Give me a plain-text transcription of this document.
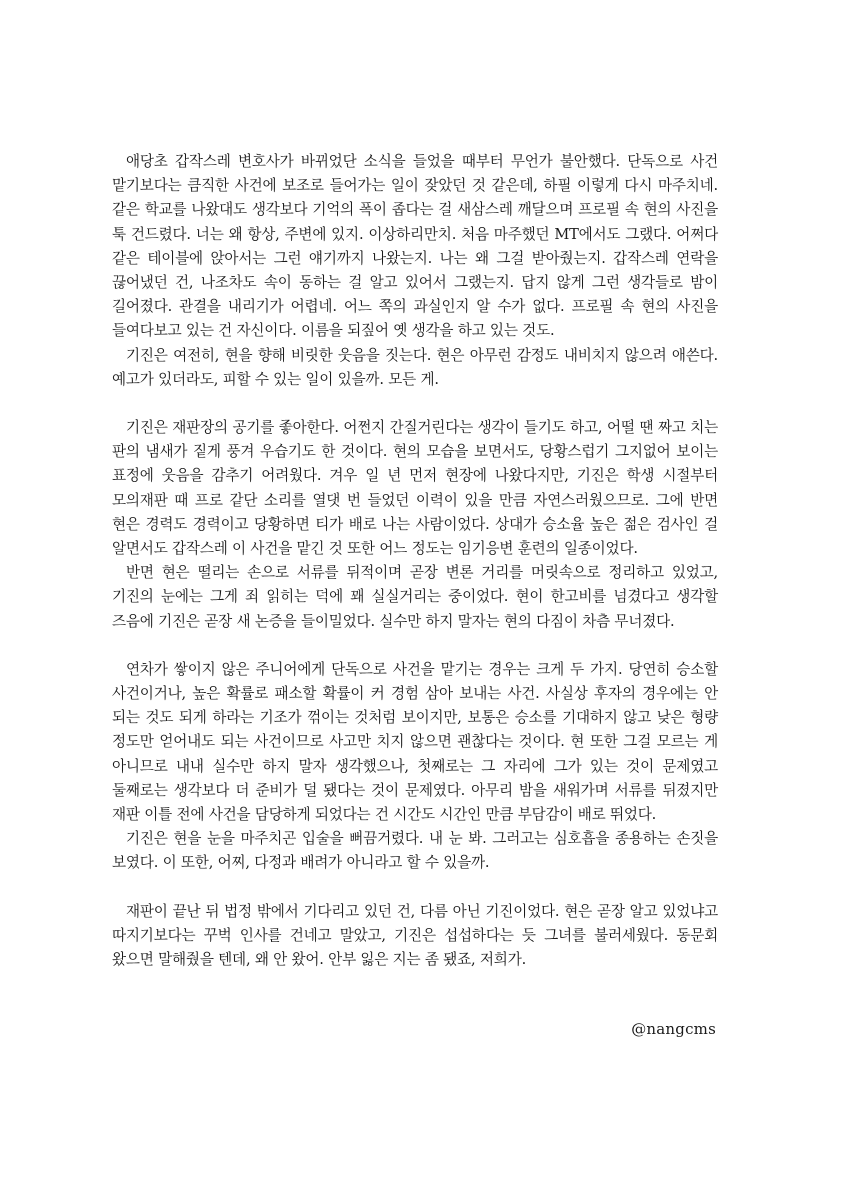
애당초 갑작스레 변호사가 바뀌었단 소식을 들었을 때부터 무언가 불안했다. 단독으로 사건 맡기보다는 큼직한 사건에 보조로 들어가는 일이 잦았던 것 같은데, 하필 이렇게 다시 마주치네. 같은 학교를 나왔대도 생각보다 기억의 폭이 좁다는 걸 새삼스레 깨달으며 프로필 속 현의 사진을 툭 건드렸다. 너는 왜 항상, 주변에 있지. 이상하리만치. 처음 마주했던 MT에서도 그랬다. 어쩌다 같은 테이블에 앉아서는 그런 얘기까지 나왔는지. 나는 왜 그걸 받아줬는지. 갑작스레 연락을 끊어냈던 건, 나조차도 속이 동하는 걸 알고 있어서 그랬는지. 답지 않게 그런 생각들로 밤이 길어졌다. 관결을 내리기가 어렵네. 어느 쪽의 과실인지 알 수가 없다. 프로필 속 현의 사진을 들여다보고 있는 건 자신이다. 이름을 되짚어 옛 생각을 하고 있는 것도.

기진은 여전히, 현을 향해 비릿한 웃음을 짓는다. 현은 아무런 감정도 내비치지 않으려 애쓴다. 예고가 있더라도, 피할 수 있는 일이 있을까. 모든 게.

기진은 재판장의 공기를 좋아한다. 어쩐지 간질거린다는 생각이 들기도 하고, 어떨 땐 짜고 치는 판의 냄새가 짙게 풍겨 우습기도 한 것이다. 현의 모습을 보면서도, 당황스럽기 그지없어 보이는 표정에 웃음을 감추기 어려웠다. 겨우 일 년 먼저 현장에 나왔다지만, 기진은 학생 시절부터 모의재판 때 프로 같단 소리를 열댓 번 들었던 이력이 있을 만큼 자연스러웠으므로. 그에 반면 현은 경력도 경력이고 당황하면 티가 배로 나는 사람이었다. 상대가 승소율 높은 젊은 검사인 걸 알면서도 갑작스레 이 사건을 맡긴 것 또한 어느 정도는 임기응변 훈련의 일종이었다.

반면 현은 떨리는 손으로 서류를 뒤적이며 곧장 변론 거리를 머릿속으로 정리하고 있었고, 기진의 눈에는 그게 죄 읽히는 덕에 꽤 실실거리는 중이었다. 현이 한고비를 넘겼다고 생각할 즈음에 기진은 곧장 새 논증을 들이밀었다. 실수만 하지 말자는 현의 다짐이 차츰 무너졌다.

연차가 쌓이지 않은 주니어에게 단독으로 사건을 맡기는 경우는 크게 두 가지. 당연히 승소할 사건이거나, 높은 확률로 패소할 확률이 커 경험 삼아 보내는 사건. 사실상 후자의 경우에는 안 되는 것도 되게 하라는 기조가 꺾이는 것처럼 보이지만, 보통은 승소를 기대하지 않고 낮은 형량 정도만 얻어내도 되는 사건이므로 사고만 치지 않으면 괜찮다는 것이다. 현 또한 그걸 모르는 게 아니므로 내내 실수만 하지 말자 생각했으나, 첫째로는 그 자리에 그가 있는 것이 문제였고 둘째로는 생각보다 더 준비가 덜 됐다는 것이 문제였다. 아무리 밤을 새워가며 서류를 뒤졌지만 재판 이틀 전에 사건을 담당하게 되었다는 건 시간도 시간인 만큼 부담감이 배로 뛰었다.

기진은 현을 눈을 마주치곤 입술을 뻐끔거렸다. 내 눈 봐. 그러고는 심호흡을 종용하는 손짓을 보였다. 이 또한, 어찌, 다정과 배려가 아니라고 할 수 있을까.

재판이 끝난 뒤 법정 밖에서 기다리고 있던 건, 다름 아닌 기진이었다. 현은 곧장 알고 있었냐고 따지기보다는 꾸벅 인사를 건네고 말았고, 기진은 섭섭하다는 듯 그녀를 불러세웠다. 동문회 왔으면 말해줬을 텐데, 왜 안 왔어. 안부 잃은 지는 좀 됐죠, 저희가.

@nangcms
